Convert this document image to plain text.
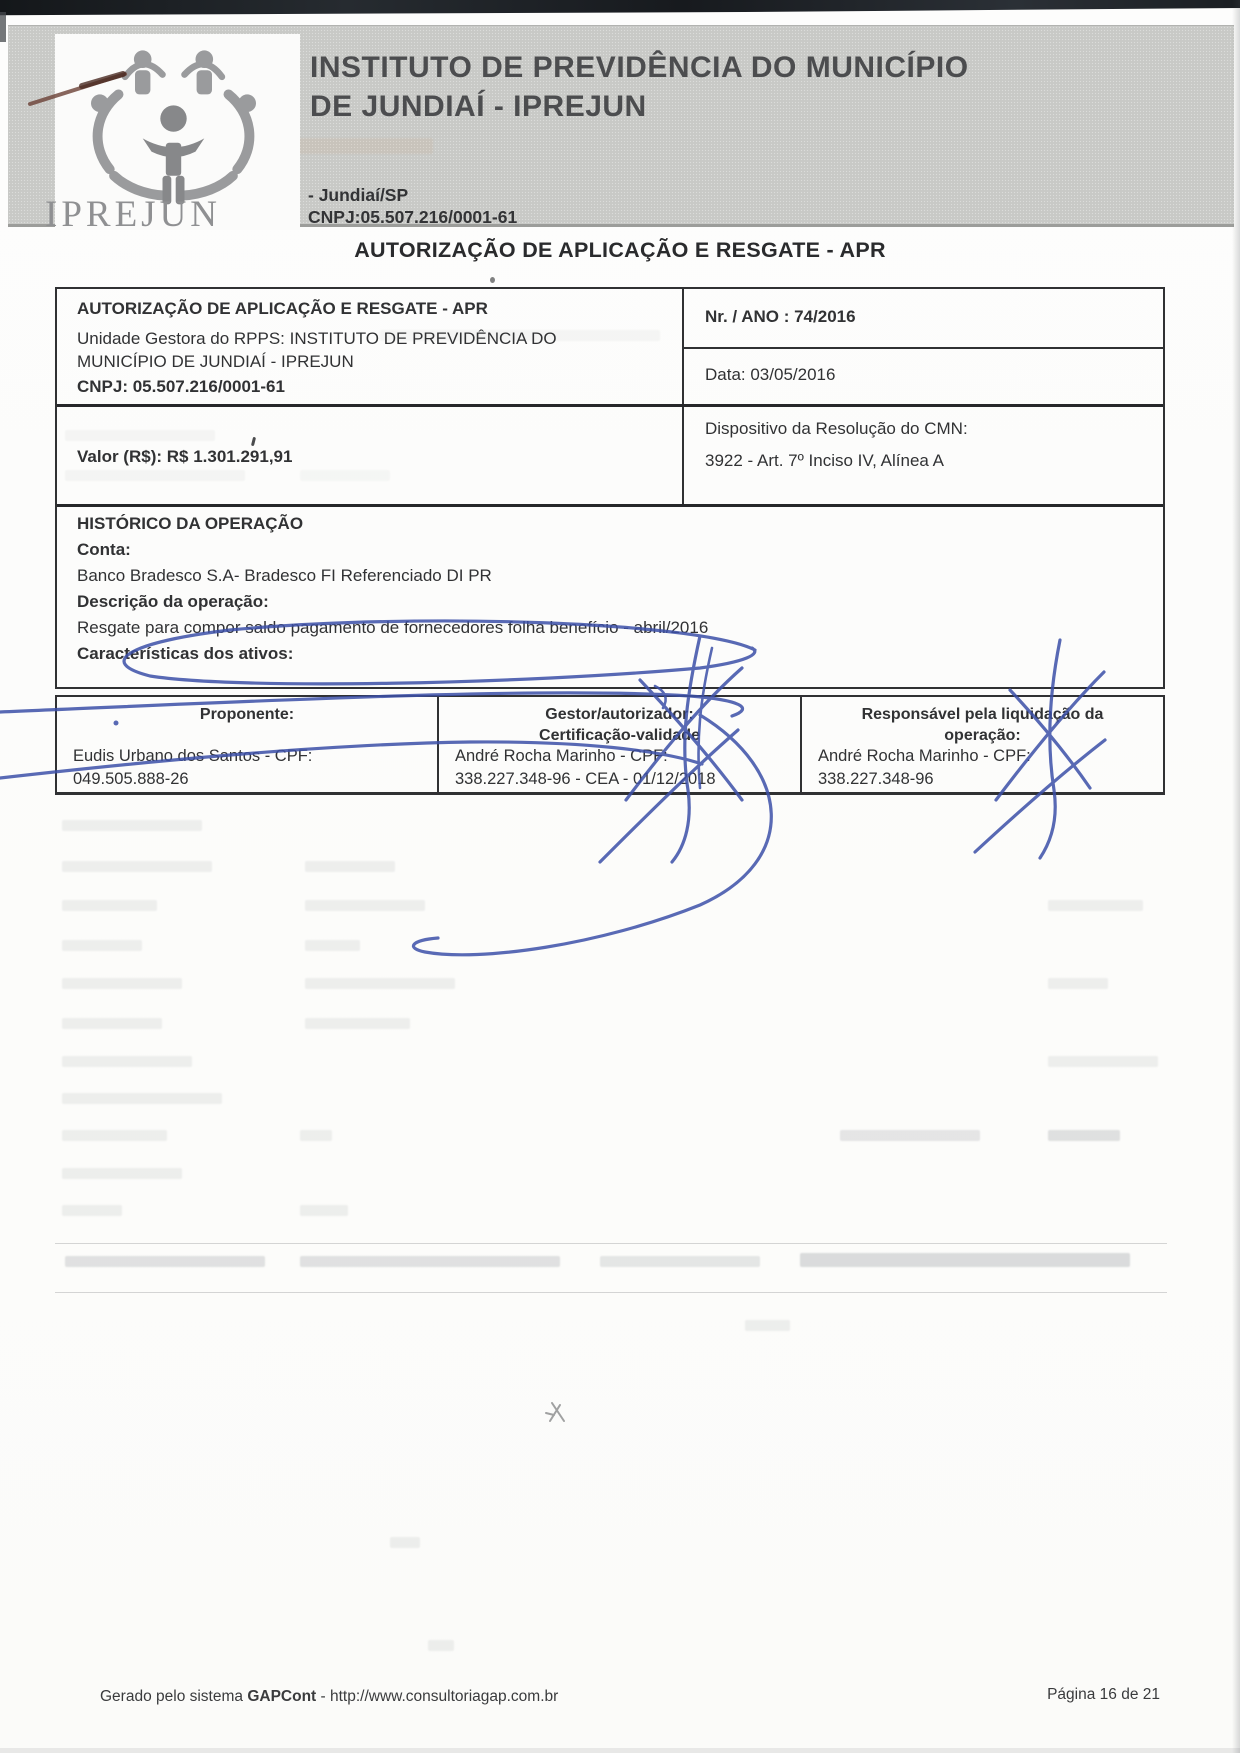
IPREJUN
INSTITUTO DE PREVIDÊNCIA DO MUNICÍPIO
DE JUNDIAÍ - IPREJUN
- Jundiaí/SP
CNPJ:05.507.216/0001-61
AUTORIZAÇÃO DE APLICAÇÃO E RESGATE - APR
AUTORIZAÇÃO DE APLICAÇÃO E RESGATE - APR
Unidade Gestora do RPPS: INSTITUTO DE PREVIDÊNCIA DO
MUNICÍPIO DE JUNDIAÍ - IPREJUN
CNPJ: 05.507.216/0001-61
Nr. / ANO : 74/2016
Data: 03/05/2016
Valor (R$): R$ 1.301.291,91
Dispositivo da Resolução do CMN:
3922 - Art. 7º Inciso IV, Alínea A
HISTÓRICO DA OPERAÇÃO
Conta:
Banco Bradesco S.A- Bradesco FI Referenciado DI PR
Descrição da operação:
Resgate para compor saldo pagamento de fornecedores folha benefício - abril/2016
Características dos ativos:
Proponente:	Gestor/autorizador:
Certificação-validade
Responsável pela liquidação da
operação:
Eudis Urbano dos Santos - CPF:
049.505.888-26
André Rocha Marinho - CPF:
338.227.348-96 - CEA - 01/12/2018
André Rocha Marinho - CPF:
338.227.348-96
Gerado pelo sistema GAPCont - http://www.consultoriagap.com.br	Página 16 de 21
